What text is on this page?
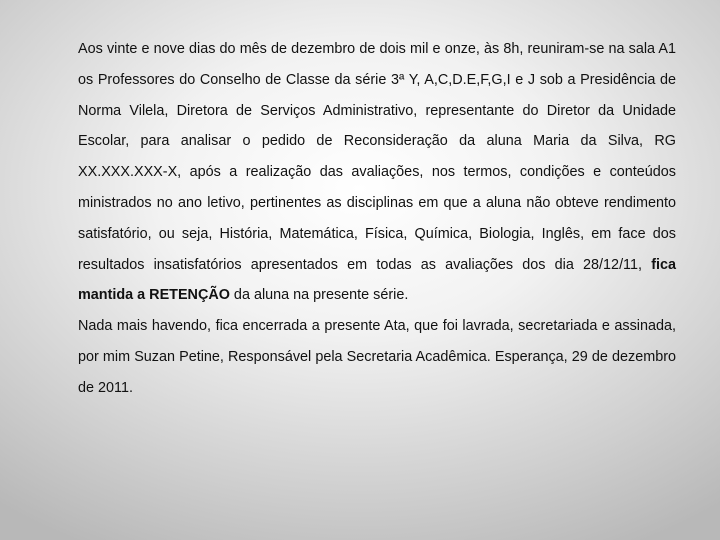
Aos vinte e nove dias do mês de dezembro de dois mil e onze, às 8h, reuniram-se na sala A1 os Professores do Conselho de Classe da série 3ª Y, A,C,D.E,F,G,I e J sob a Presidência de Norma Vilela, Diretora de Serviços Administrativo, representante do Diretor da Unidade Escolar, para analisar o pedido de Reconsideração da aluna Maria da Silva, RG XX.XXX.XXX-X, após a realização das avaliações, nos termos, condições e conteúdos ministrados no ano letivo, pertinentes as disciplinas em que a aluna não obteve rendimento satisfatório, ou seja, História, Matemática, Física, Química, Biologia, Inglês, em face dos resultados insatisfatórios apresentados em todas as avaliações dos dia 28/12/11, fica mantida a RETENÇÃO da aluna na presente série.

Nada mais havendo, fica encerrada a presente Ata, que foi lavrada, secretariada e assinada, por mim Suzan Petine, Responsável pela Secretaria Acadêmica. Esperança, 29 de dezembro de 2011.
